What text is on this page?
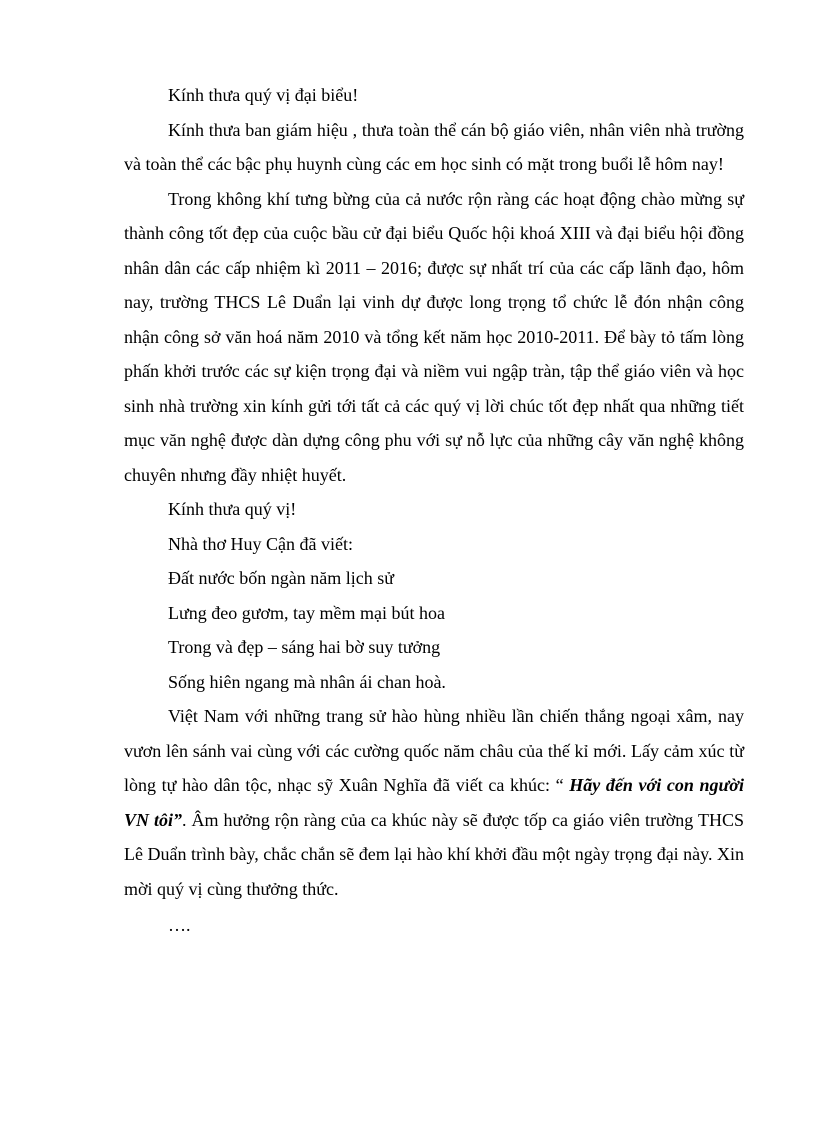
Kính thưa quý vị đại biểu!

Kính thưa ban giám hiệu , thưa toàn thể cán bộ giáo viên, nhân viên nhà trường và toàn thể các bậc phụ huynh cùng các em học sinh có mặt trong buổi lễ hôm nay!

Trong không khí tưng bừng của cả nước rộn ràng các hoạt động chào mừng sự thành công tốt đẹp của cuộc bầu cử đại biểu Quốc hội khoá XIII và đại biểu hội đồng nhân dân các cấp nhiệm kì 2011 – 2016; được sự nhất trí của các cấp lãnh đạo, hôm nay, trường THCS Lê Duẩn lại vinh dự được long trọng tổ chức lễ đón nhận công nhận công sở văn hoá năm 2010 và tổng kết năm học 2010-2011. Để bày tỏ tấm lòng phấn khởi trước các sự kiện trọng đại và niềm vui ngập tràn, tập thể giáo viên và học sinh nhà trường xin kính gửi tới tất cả các quý vị lời chúc tốt đẹp nhất qua những tiết mục văn nghệ được dàn dựng công phu với sự nỗ lực của những cây văn nghệ không chuyên nhưng đầy nhiệt huyết.

Kính thưa quý vị!

Nhà thơ Huy Cận đã viết:

Đất nước bốn ngàn năm lịch sử

Lưng đeo gươm, tay mềm mại bút hoa

Trong và đẹp – sáng hai bờ suy tưởng

Sống hiên ngang mà nhân ái chan hoà.

Việt Nam với những trang sử hào hùng nhiều lần chiến thắng ngoại xâm, nay vươn lên sánh vai cùng với các cường quốc năm châu của thế kỉ mới. Lấy cảm xúc từ lòng tự hào dân tộc, nhạc sỹ Xuân Nghĩa đã viết ca khúc: “ Hãy đến với con người VN tôi”. Âm hưởng rộn ràng của ca khúc này sẽ được tốp ca giáo viên trường THCS Lê Duẩn trình bày, chắc chắn sẽ đem lại hào khí khởi đầu một ngày trọng đại này. Xin mời quý vị cùng thưởng thức.

….
